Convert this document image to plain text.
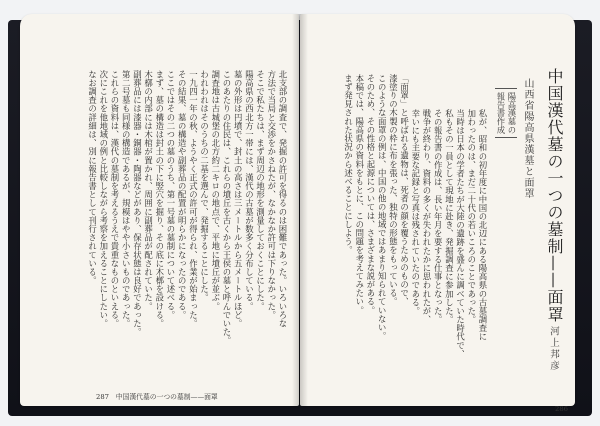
287　中国漢代墓の一つの墓制——面罩
北支部の調査で、発掘の許可を得るのは困難であった。いろいろな
方法で当局と交渉をかさねたが、なかなか許可は下りなかった。
そこで私たちは、まず周辺の地形を測量しておくことにした。
陽高県の西北方一帯には、漢代の古墓が数多く分布している。
墓の外形は円墳で、封土の高さは三メートルから五メートルほど。
このあたりの住民は、これらの墳丘を古くから王侯の墓と呼んでいた。
調査地は古城堡の北方約二キロの地点で、平地に墳丘が並ぶ。
われわれはそのうちの二基を選んで、発掘することにした。
一九四一年の秋、ようやく正式の許可が得られ、作業が始まった。
その結果、墓の構造や副葬品の配置が明らかになったのである。
ここではその二つの墓のうち、第一号墓の墓制について述べる。
まず、墓の構造は封土の下に竪穴を掘り、その底に木槨を設ける。
木槨の内部には木棺が置かれ、周囲に副葬品が配されていた。
副葬品には漆器・銅器・陶器などがあり、保存状態は良好であった。
第二号墓も同様の構造であるが、規模はやや小さいものであった。
これらの資料は、漢代の墓制を考えるうえで貴重なものといえる。
次にこれを他地域の例と比較しながら考察を加えることにしたい。
なお調査の詳細は、別に報告書として刊行されている。	中国漢代墓の一つの墓制——面罩
山西省陽高県漢墓と面罩
陽高漢墓の
報告書作成
河上邦彦
286
私が、昭和の初年度に中国の北辺にある陽高県の古墓調査に
加わったのは、まだ二十代の若いころのことであった。
当時は日本の学者たちが大陸の遺跡を盛んに調べていた時代で、
私もその一員として現地に赴き、発掘調査に参加した。
その報告書の作成は、長い年月を要する仕事となった。
戦争が終わり、資料の多くが失われたかに思われたが、
幸いにも主要な記録と写真は残されていたのである。
「面罩」と呼ばれる遺物は、死者の顔を覆うためのもので、
漆塗りの木製の枠に布を張った、独特の形態をもっている。
このような面罩の例は、中国の他の地域ではあまり知られていない。
そのため、その性格と起源については、さまざまな説がある。
本稿では、陽高県の資料をもとに、この問題を考えてみたい。
まず発見された状況から述べることにしよう。
